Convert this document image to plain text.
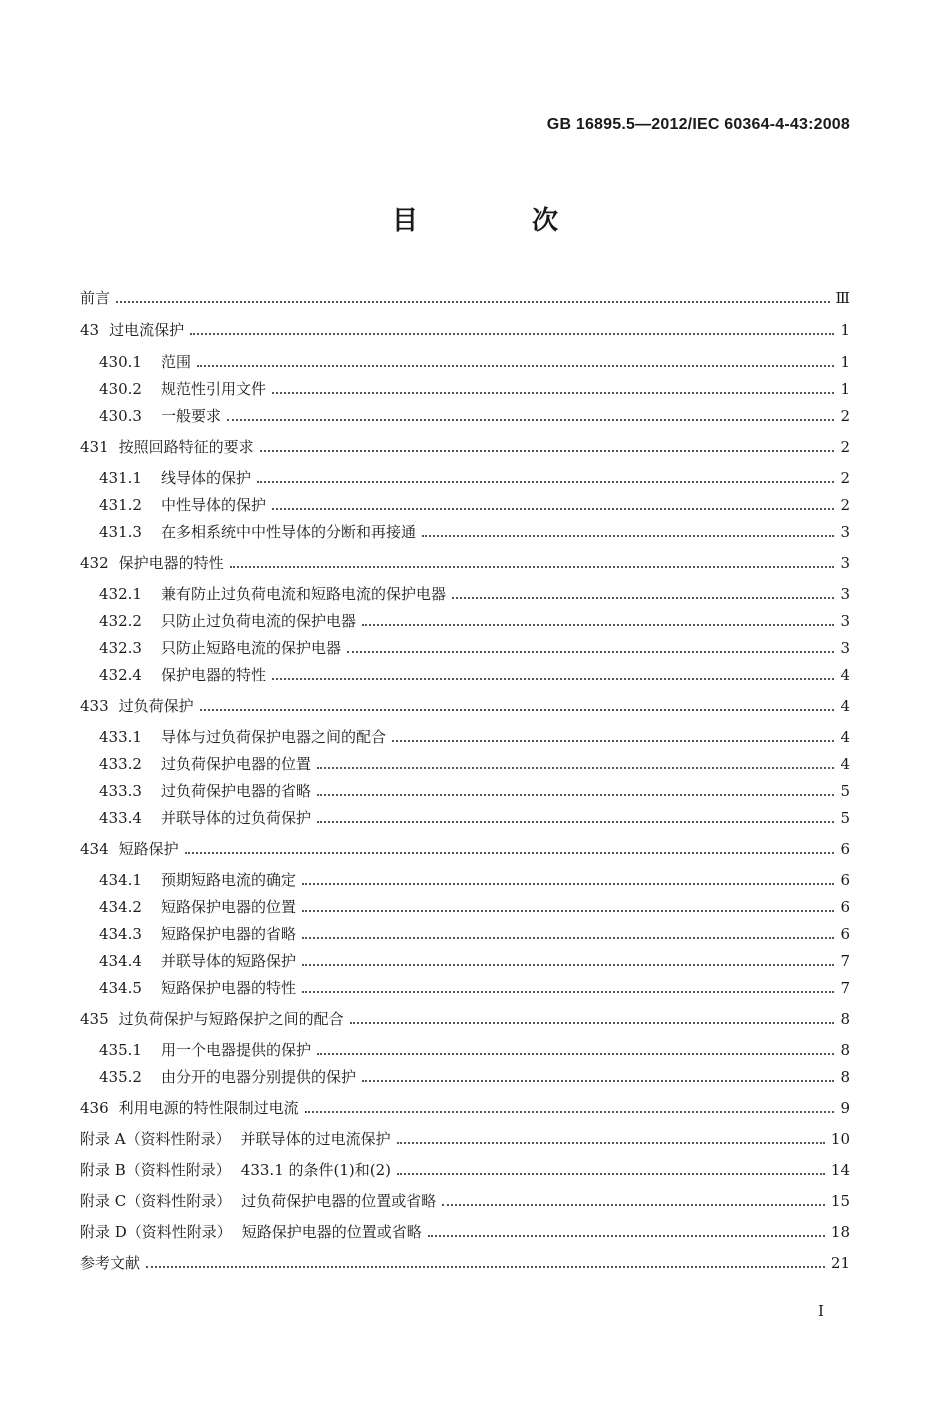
GB 16895.5—2012/IEC 60364-4-43:2008
目　次
前言	Ⅲ
43 过电流保护	1
430.1	范围	1
430.2	规范性引用文件	1
430.3	一般要求	2
431 按照回路特征的要求	2
431.1	线导体的保护	2
431.2	中性导体的保护	2
431.3	在多相系统中中性导体的分断和再接通	3
432 保护电器的特性	3
432.1	兼有防止过负荷电流和短路电流的保护电器	3
432.2	只防止过负荷电流的保护电器	3
432.3	只防止短路电流的保护电器	3
432.4	保护电器的特性	4
433 过负荷保护	4
433.1	导体与过负荷保护电器之间的配合	4
433.2	过负荷保护电器的位置	4
433.3	过负荷保护电器的省略	5
433.4	并联导体的过负荷保护	5
434 短路保护	6
434.1	预期短路电流的确定	6
434.2	短路保护电器的位置	6
434.3	短路保护电器的省略	6
434.4	并联导体的短路保护	7
434.5	短路保护电器的特性	7
435 过负荷保护与短路保护之间的配合	8
435.1	用一个电器提供的保护	8
435.2	由分开的电器分别提供的保护	8
436 利用电源的特性限制过电流	9
附录 A（资料性附录） 并联导体的过电流保护	10
附录 B（资料性附录） 433.1 的条件(1)和(2)	14
附录 C（资料性附录） 过负荷保护电器的位置或省略	15
附录 D（资料性附录） 短路保护电器的位置或省略	18
参考文献	21
I
